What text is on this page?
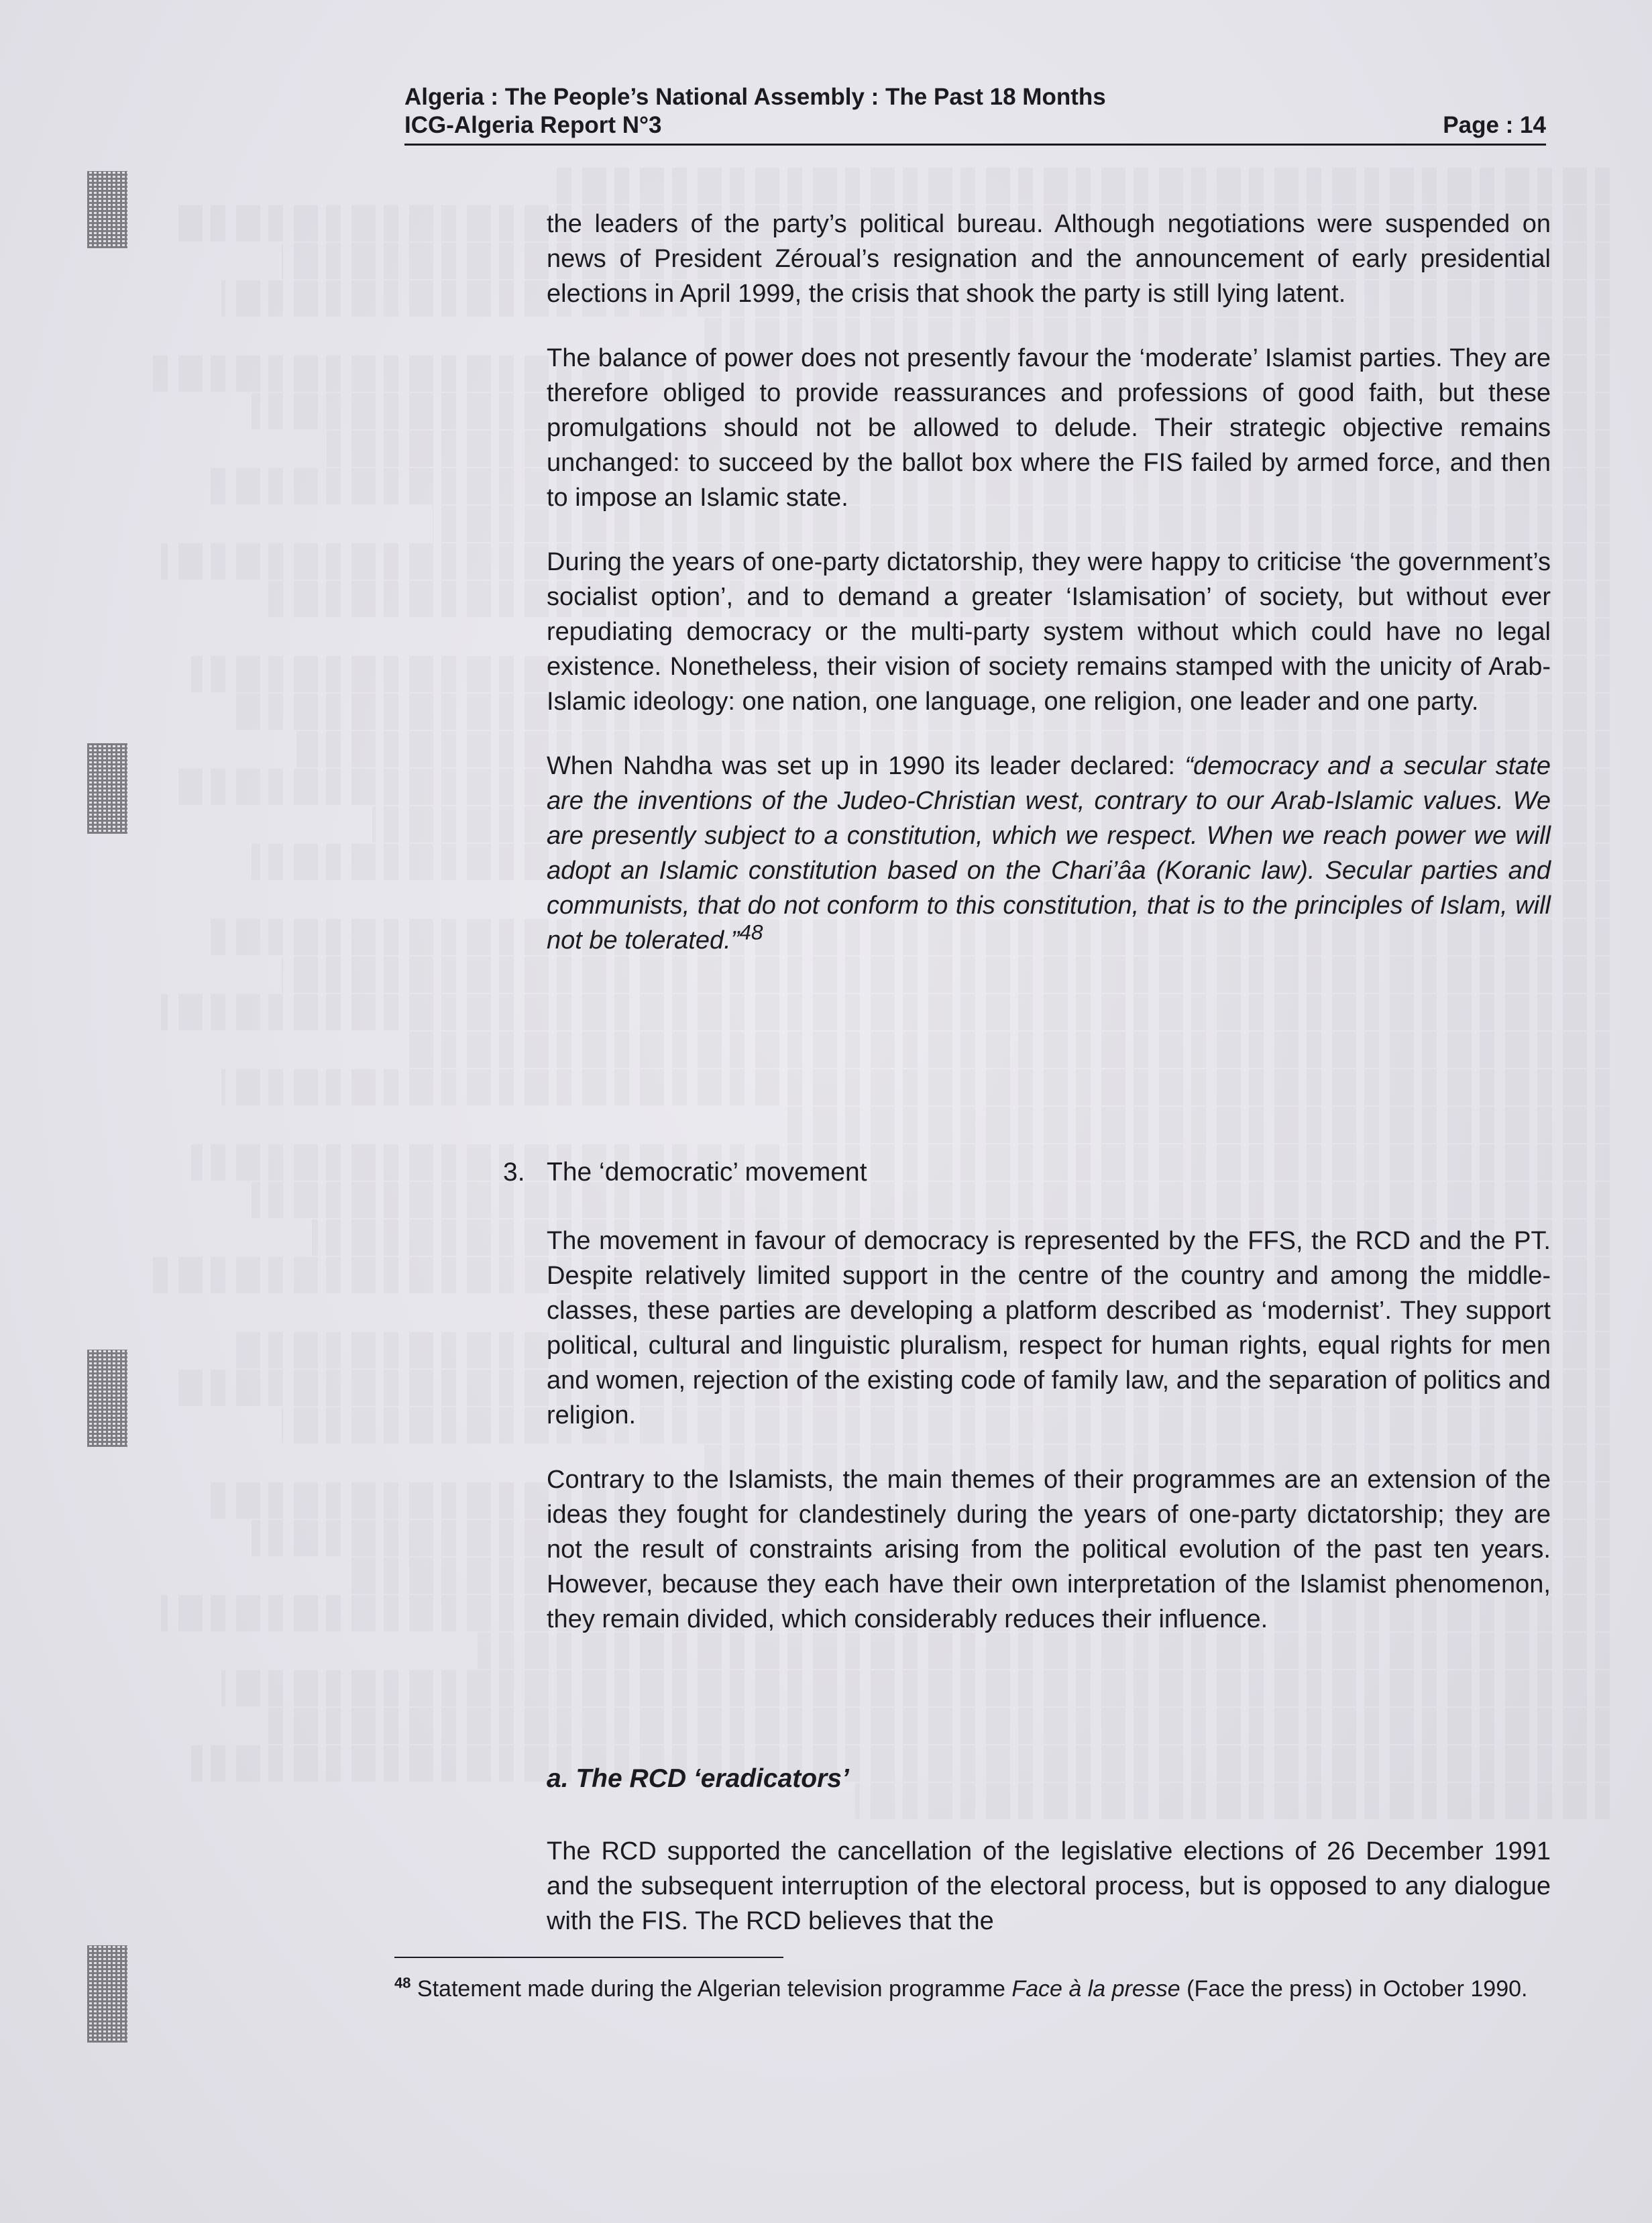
Algeria : The People’s National Assembly : The Past 18 Months
ICG-Algeria Report N°3	Page : 14

the leaders of the party’s political bureau. Although negotiations were suspended on news of President Zéroual’s resignation and the announcement of early presidential elections in April 1999, the crisis that shook the party is still lying latent.

The balance of power does not presently favour the ‘moderate’ Islamist parties. They are therefore obliged to provide reassurances and professions of good faith, but these promulgations should not be allowed to delude. Their strategic objective remains unchanged: to succeed by the ballot box where the FIS failed by armed force, and then to impose an Islamic state.

During the years of one-party dictatorship, they were happy to criticise ‘the government’s socialist option’, and to demand a greater ‘Islamisation’ of society, but without ever repudiating democracy or the multi-party system without which could have no legal existence. Nonetheless, their vision of society remains stamped with the unicity of Arab-Islamic ideology: one nation, one language, one religion, one leader and one party.

When Nahdha was set up in 1990 its leader declared: “democracy and a secular state are the inventions of the Judeo-Christian west, contrary to our Arab-Islamic values. We are presently subject to a constitution, which we respect. When we reach power we will adopt an Islamic constitution based on the Chari’âa (Koranic law). Secular parties and communists, that do not conform to this constitution, that is to the principles of Islam, will not be tolerated.”$^{48}$

3. The ‘democratic’ movement

The movement in favour of democracy is represented by the FFS, the RCD and the PT. Despite relatively limited support in the centre of the country and among the middle-classes, these parties are developing a platform described as ‘modernist’. They support political, cultural and linguistic pluralism, respect for human rights, equal rights for men and women, rejection of the existing code of family law, and the separation of politics and religion.

Contrary to the Islamists, the main themes of their programmes are an extension of the ideas they fought for clandestinely during the years of one-party dictatorship; they are not the result of constraints arising from the political evolution of the past ten years. However, because they each have their own interpretation of the Islamist phenomenon, they remain divided, which considerably reduces their influence.

a. The RCD ‘eradicators’

The RCD supported the cancellation of the legislative elections of 26 December 1991 and the subsequent interruption of the electoral process, but is opposed to any dialogue with the FIS. The RCD believes that the

$^{48}$ Statement made during the Algerian television programme Face à la presse (Face the press) in October 1990.
